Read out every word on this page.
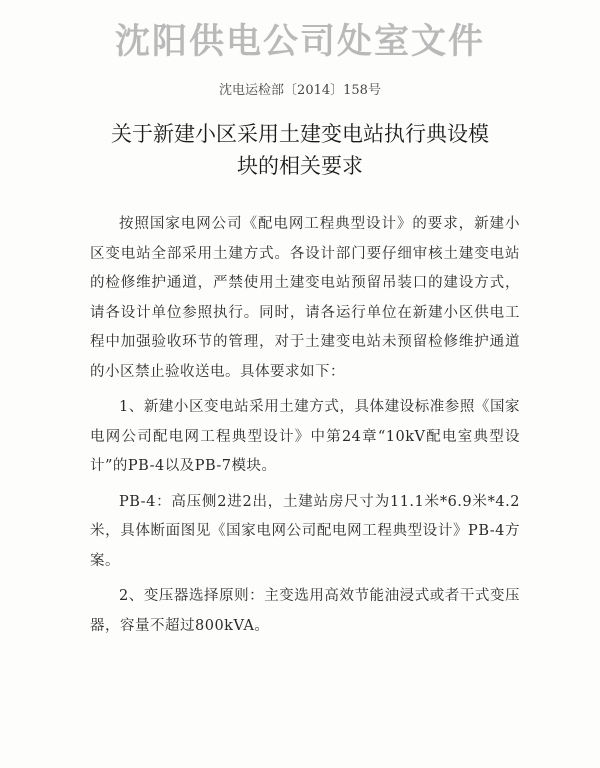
沈阳供电公司处室文件
沈电运检部〔2014〕158号
关于新建小区采用土建变电站执行典设模
块的相关要求

按照国家电网公司《配电网工程典型设计》的要求，新建小区变电站全部采用土建方式。各设计部门要仔细审核土建变电站的检修维护通道，严禁使用土建变电站预留吊装口的建设方式，请各设计单位参照执行。同时，请各运行单位在新建小区供电工程中加强验收环节的管理，对于土建变电站未预留检修维护通道的小区禁止验收送电。具体要求如下：

1、新建小区变电站采用土建方式，具体建设标准参照《国家电网公司配电网工程典型设计》中第24章“10kV配电室典型设计”的PB-4以及PB-7模块。

PB-4：高压侧2进2出，土建站房尺寸为11.1米*6.9米*4.2米，具体断面图见《国家电网公司配电网工程典型设计》PB-4方案。

2、变压器选择原则：主变选用高效节能油浸式或者干式变压器，容量不超过800kVA。
